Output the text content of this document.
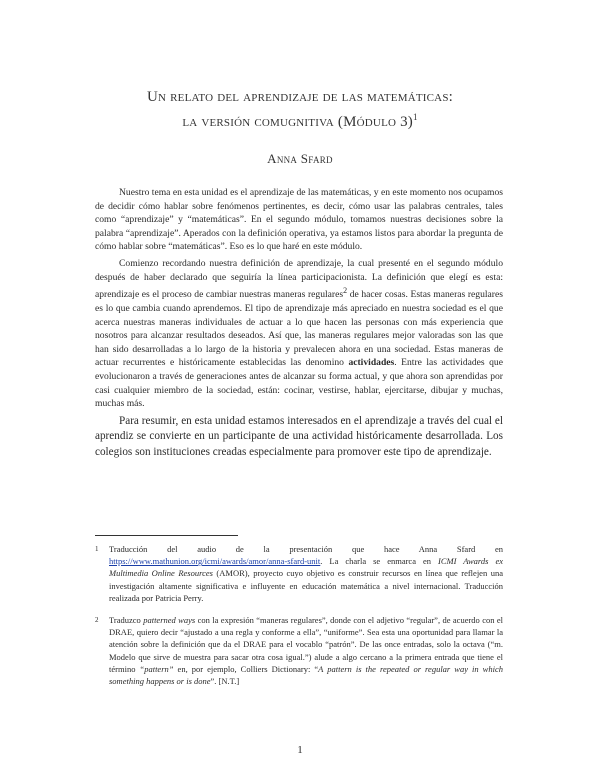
Un relato del aprendizaje de las matemáticas:
la versión comugnitiva (Módulo 3)$^1$
Anna Sfard

Nuestro tema en esta unidad es el aprendizaje de las matemáticas, y en este momento nos ocupamos de decidir cómo hablar sobre fenómenos pertinentes, es decir, cómo usar las palabras centrales, tales como “aprendizaje” y “matemáticas”. En el segundo módulo, tomamos nuestras decisiones sobre la palabra “aprendizaje”. Aperados con la definición operativa, ya estamos listos para abordar la pregunta de cómo hablar sobre “matemáticas”. Eso es lo que haré en este módulo.

Comienzo recordando nuestra definición de aprendizaje, la cual presenté en el segundo módulo después de haber declarado que seguiría la línea participacionista. La definición que elegí es esta: aprendizaje es el proceso de cambiar nuestras maneras regulares$^2$ de hacer cosas. Estas maneras regulares es lo que cambia cuando aprendemos. El tipo de aprendizaje más apreciado en nuestra sociedad es el que acerca nuestras maneras individuales de actuar a lo que hacen las personas con más experiencia que nosotros para alcanzar resultados deseados. Así que, las maneras regulares mejor valoradas son las que han sido desarrolladas a lo largo de la historia y prevalecen ahora en una sociedad. Estas maneras de actuar recurrentes e históricamente establecidas las denomino actividades. Entre las actividades que evolucionaron a través de generaciones antes de alcanzar su forma actual, y que ahora son aprendidas por casi cualquier miembro de la sociedad, están: cocinar, vestirse, hablar, ejercitarse, dibujar y muchas, muchas más.

Para resumir, en esta unidad estamos interesados en el aprendizaje a través del cual el aprendiz se convierte en un participante de una actividad históricamente desarrollada. Los colegios son instituciones creadas especialmente para promover este tipo de aprendizaje.

1 Traducción del audio de la presentación que hace Anna Sfard en https://www.mathunion.org/icmi/awards/amor/anna-sfard-unit. La charla se enmarca en ICMI Awards ex Multimedia Online Resources (AMOR), proyecto cuyo objetivo es construir recursos en línea que reflejen una investigación altamente significativa e influyente en educación matemática a nivel internacional. Traducción realizada por Patricia Perry.
2 Traduzco patterned ways con la expresión “maneras regulares”, donde con el adjetivo “regular”, de acuerdo con el DRAE, quiero decir “ajustado a una regla y conforme a ella”, “uniforme”. Sea esta una oportunidad para llamar la atención sobre la definición que da el DRAE para el vocablo “patrón”. De las once entradas, solo la octava (“m. Modelo que sirve de muestra para sacar otra cosa igual.”) alude a algo cercano a la primera entrada que tiene el término “pattern” en, por ejemplo, Colliers Dictionary: “A pattern is the repeated or regular way in which something happens or is done”. [N.T.]
1
